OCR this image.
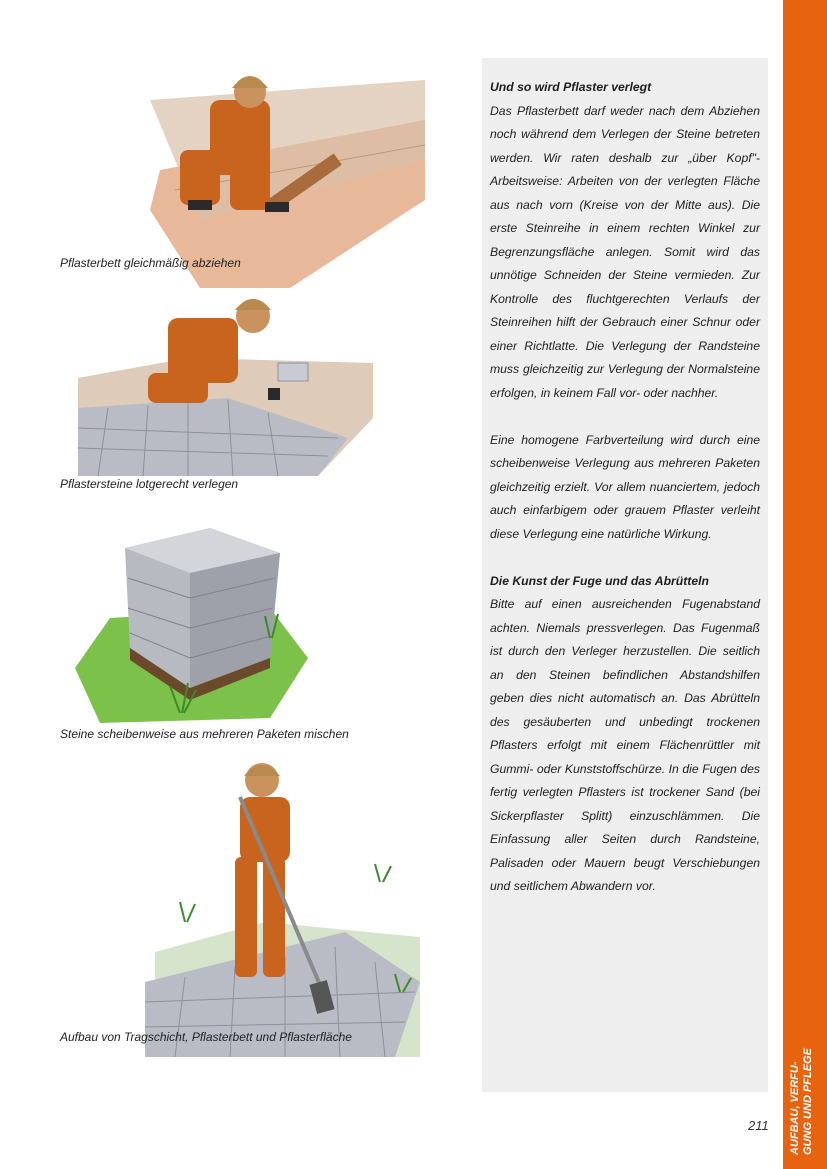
Pflasterbett gleichmäßig abziehen
Pflastersteine lotgerecht verlegen
Steine scheibenweise aus mehreren Paketen mischen
Aufbau von Tragschicht, Pflasterbett und Pflasterfläche
Und so wird Pflaster verlegt

Das Pflasterbett darf weder nach dem Abziehen noch während dem Verlegen der Steine betreten werden. Wir raten deshalb zur „über Kopf"-Arbeitsweise: Arbeiten von der verlegten Fläche aus nach vorn (Kreise von der Mitte aus). Die erste Steinreihe in einem rechten Winkel zur Begrenzungsfläche anlegen. Somit wird das unnötige Schneiden der Steine vermieden. Zur Kontrolle des fluchtgerechten Verlaufs der Steinreihen hilft der Gebrauch einer Schnur oder einer Richtlatte. Die Verlegung der Randsteine muss gleichzeitig zur Verlegung der Normalsteine erfolgen, in keinem Fall vor- oder nachher.

Eine homogene Farbverteilung wird durch eine scheibenweise Verlegung aus mehreren Paketen gleichzeitig erzielt. Vor allem nuanciertem, jedoch auch einfarbigem oder grauem Pflaster verleiht diese Verlegung eine natürliche Wirkung.

Die Kunst der Fuge und das Abrütteln

Bitte auf einen ausreichenden Fugenabstand achten. Niemals pressverlegen. Das Fugenmaß ist durch den Verleger herzustellen. Die seitlich an den Steinen befindlichen Abstandshilfen geben dies nicht automatisch an. Das Abrütteln des gesäuberten und unbedingt trockenen Pflasters erfolgt mit einem Flächenrüttler mit Gummi- oder Kunststoffschürze. In die Fugen des fertig verlegten Pflasters ist trockener Sand (bei Sickerpflaster Splitt) einzuschlämmen. Die Einfassung aller Seiten durch Randsteine, Palisaden oder Mauern beugt Verschiebungen und seitlichem Abwandern vor.

211 AUFBAU, VERFU- GUNG UND PFLEGE
